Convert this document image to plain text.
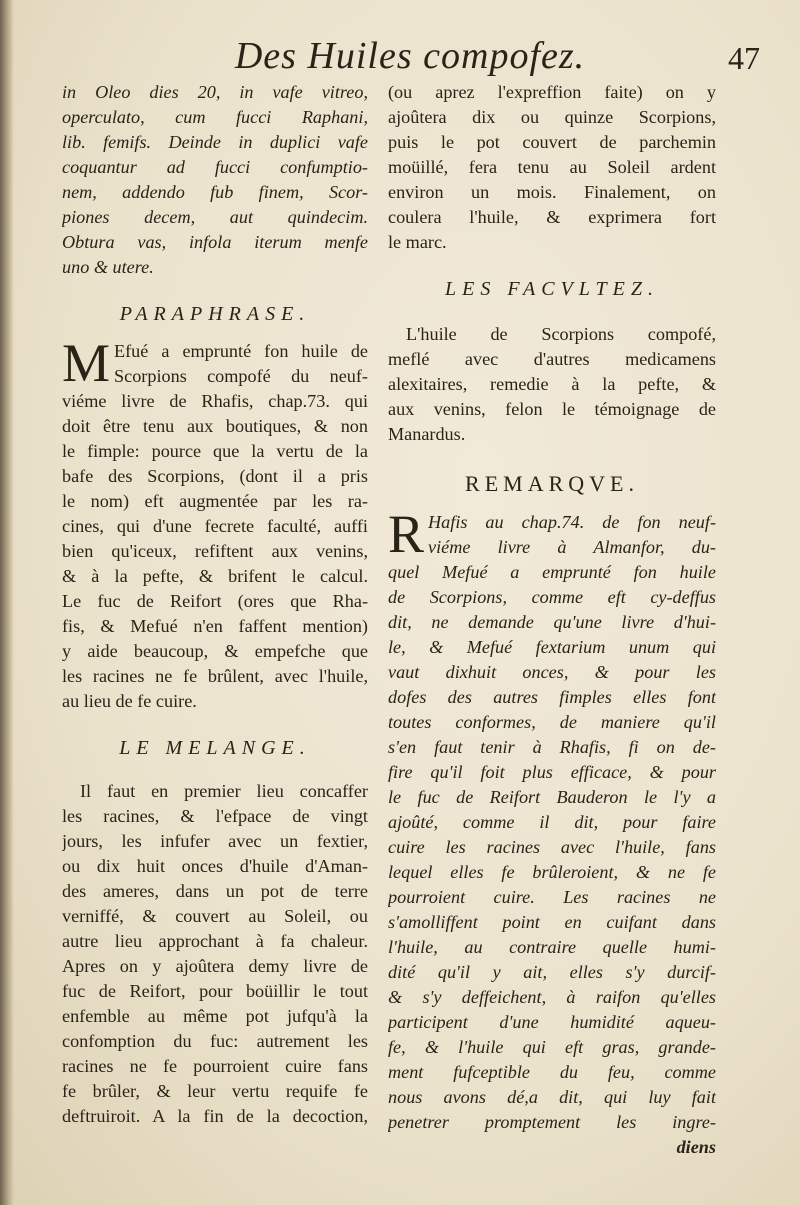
Des Huiles compofez.	47
in Oleo dies 20, in vafe vitreo,
operculato, cum fucci Raphani,
lib. femifs. Deinde in duplici vafe
coquantur ad fucci confumptio-
nem, addendo fub finem, Scor-
piones decem, aut quindecim.
Obtura vas, infola iterum menfe
uno & utere.
PARAPHRASE.
M Efué a emprunté fon huile de
Scorpions compofé du neuf-
viéme livre de Rhafis, chap.73. qui
doit être tenu aux boutiques, & non
le fimple: pource que la vertu de la
bafe des Scorpions, (dont il a pris
le nom) eft augmentée par les ra-
cines, qui d'une fecrete faculté, auffi
bien qu'iceux, refiftent aux venins,
& à la pefte, & brifent le calcul.
Le fuc de Reifort (ores que Rha-
fis, & Mefué n'en faffent mention)
y aide beaucoup, & empefche que
les racines ne fe brûlent, avec l'huile,
au lieu de fe cuire.
LE MELANGE.
Il faut en premier lieu concaffer
les racines, & l'efpace de vingt
jours, les infufer avec un fextier,
ou dix huit onces d'huile d'Aman-
des ameres, dans un pot de terre
verniffé, & couvert au Soleil, ou
autre lieu approchant à fa chaleur.
Apres on y ajoûtera demy livre de
fuc de Reifort, pour boüillir le tout
enfemble au même pot jufqu'à la
confomption du fuc: autrement les
racines ne fe pourroient cuire fans
fe brûler, & leur vertu requife fe
deftruiroit. A la fin de la decoction,
(ou aprez l'expreffion faite) on y
ajoûtera dix ou quinze Scorpions,
puis le pot couvert de parchemin
moüillé, fera tenu au Soleil ardent
environ un mois. Finalement, on
coulera l'huile, & exprimera fort
le marc.
LES FACVLTEZ.
L'huile de Scorpions compofé,
meflé avec d'autres medicamens
alexitaires, remedie à la pefte, &
aux venins, felon le témoignage de
Manardus.
REMARQVE.
R Hafis au chap.74. de fon neuf-
viéme livre à Almanfor, du-
quel Mefué a emprunté fon huile
de Scorpions, comme eft cy-deffus
dit, ne demande qu'une livre d'hui-
le, & Mefué fextarium unum qui
vaut dixhuit onces, & pour les
dofes des autres fimples elles font
toutes conformes, de maniere qu'il
s'en faut tenir à Rhafis, fi on de-
fire qu'il foit plus efficace, & pour
le fuc de Reifort Bauderon le l'y a
ajoûté, comme il dit, pour faire
cuire les racines avec l'huile, fans
lequel elles fe brûleroient, & ne fe
pourroient cuire. Les racines ne
s'amolliffent point en cuifant dans
l'huile, au contraire quelle humi-
dité qu'il y ait, elles s'y durcif-
& s'y deffeichent, à raifon qu'elles
participent d'une humidité aqueu-
fe, & l'huile qui eft gras, grande-
ment fufceptible du feu, comme
nous avons dé,a dit, qui luy fait
penetrer promptement les ingre-
diens
